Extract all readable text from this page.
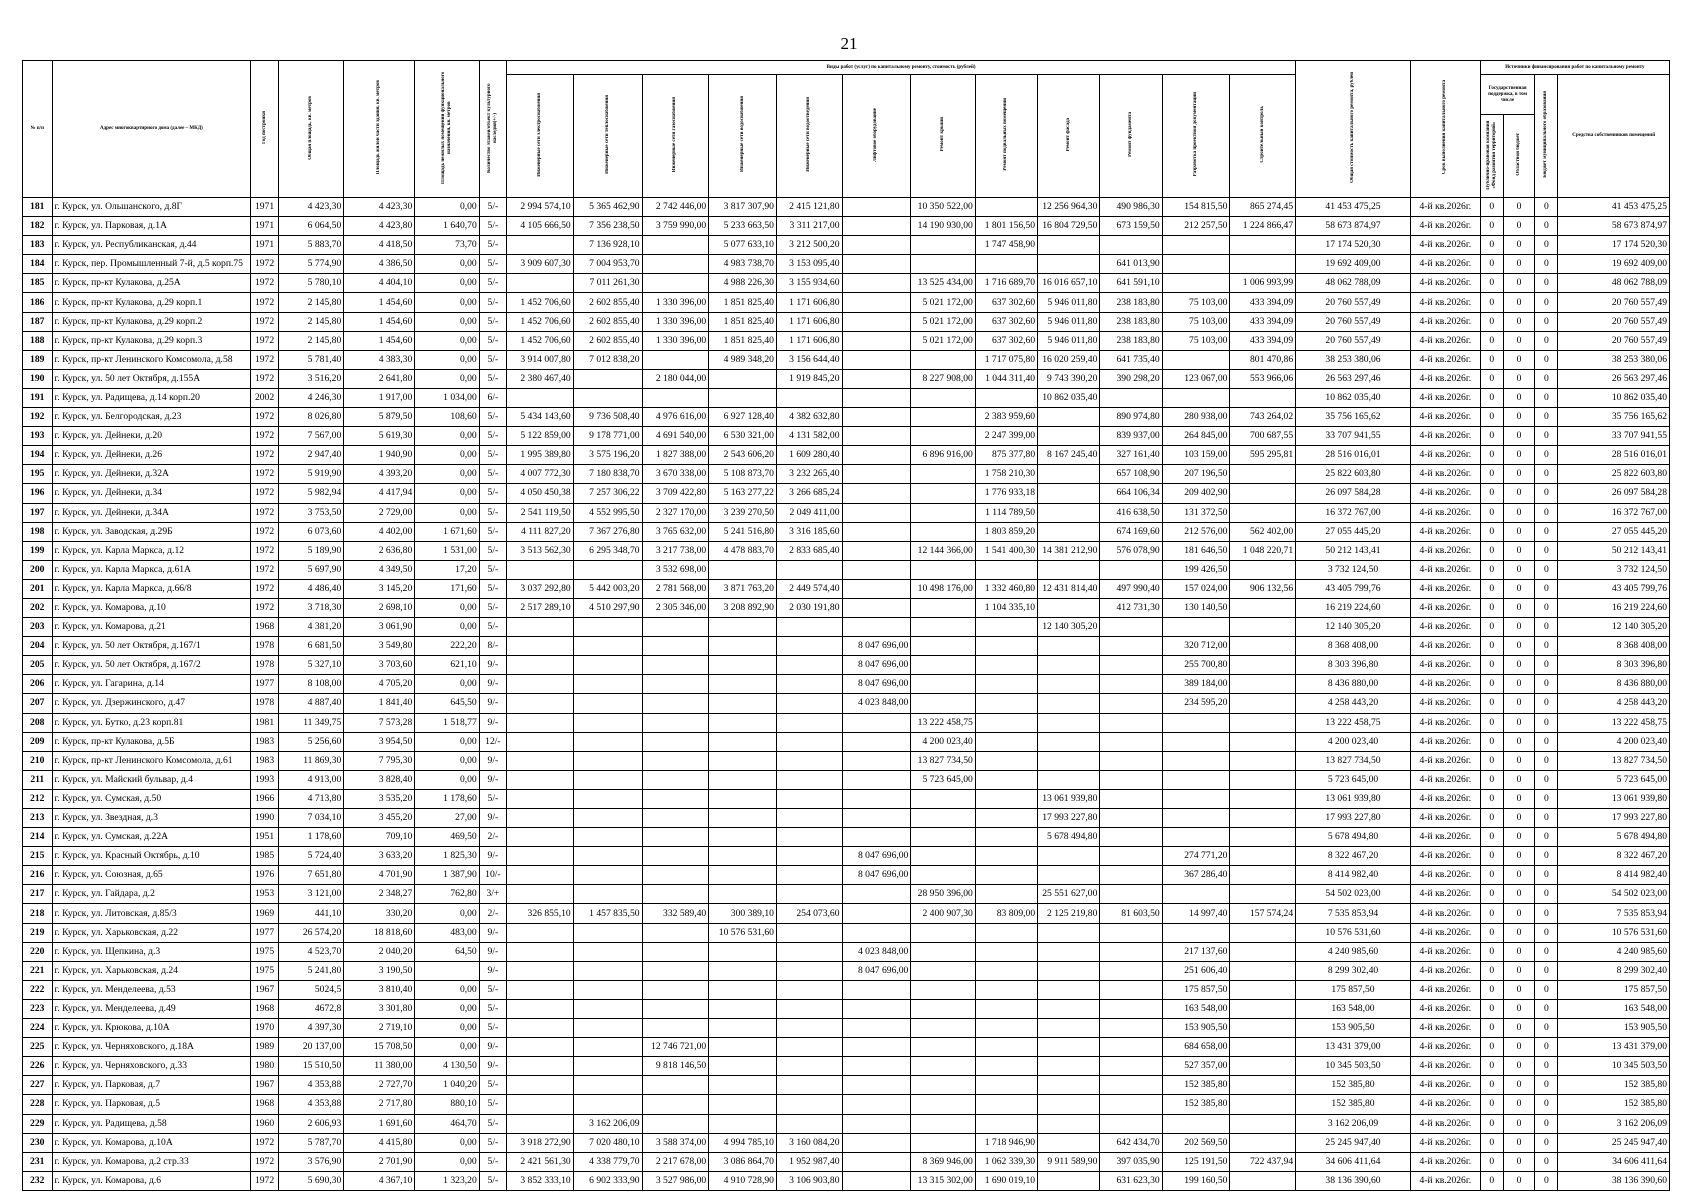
21
№ п/п	Адрес многоквартирного дома (далее – МКД)	Год постройки	Общая площадь, кв. метров	Площадь жилой части здания, кв. метров	Площадь нежилых помещений функционального назначения, кв. метров	Количество этажей/объект культурного наследия(+/-)	Виды работ (услуг) по капитальному ремонту, стоимость (рублей)												Общая стоимость капитального ремонта, рублей	Срок выполнения капитального ремонта	Источники финансирования работ по капитальному ремонту			
							Инженерные сети электроснабжения	Инженерные сети теплоснабжения	Инженерные сети газоснабжения	Инженерные сети водоснабжения	Инженерные сети водоотведения	Лифтовое оборудование	Ремонт крыши	Ремонт подвальных помещений	Ремонт фасада	Ремонт фундамента	Разработка проектной документации	Строительный контроль			Государственная поддержка, в том числе		Бюджет муниципального образования	Средства собственников помещений
																					Публично-правовая компания «Фонд развития территорий»	Областной бюджет		
181	г. Курск, ул. Ольшанского, д.8Г	1971	4 423,30	4 423,30	0,00	5/-	2 994 574,10	5 365 462,90	2 742 446,00	3 817 307,90	2 415 121,80		10 350 522,00		12 256 964,30	490 986,30	154 815,50	865 274,45	41 453 475,25	4-й кв.2026г.	0	0	0	41 453 475,25
182	г. Курск, ул. Парковая, д.1А	1971	6 064,50	4 423,80	1 640,70	5/-	4 105 666,50	7 356 238,50	3 759 990,00	5 233 663,50	3 311 217,00		14 190 930,00	1 801 156,50	16 804 729,50	673 159,50	212 257,50	1 224 866,47	58 673 874,97	4-й кв.2026г.	0	0	0	58 673 874,97
183	г. Курск, ул. Республиканская, д.44	1971	5 883,70	4 418,50	73,70	5/-		7 136 928,10		5 077 633,10	3 212 500,20			1 747 458,90					17 174 520,30	4-й кв.2026г.	0	0	0	17 174 520,30
184	г. Курск, пер. Промышленный 7-й, д.5 корп.75	1972	5 774,90	4 386,50	0,00	5/-	3 909 607,30	7 004 953,70		4 983 738,70	3 153 095,40					641 013,90			19 692 409,00	4-й кв.2026г.	0	0	0	19 692 409,00
185	г. Курск, пр-кт Кулакова, д.25А	1972	5 780,10	4 404,10	0,00	5/-		7 011 261,30		4 988 226,30	3 155 934,60		13 525 434,00	1 716 689,70	16 016 657,10	641 591,10		1 006 993,99	48 062 788,09	4-й кв.2026г.	0	0	0	48 062 788,09
186	г. Курск, пр-кт Кулакова, д.29 корп.1	1972	2 145,80	1 454,60	0,00	5/-	1 452 706,60	2 602 855,40	1 330 396,00	1 851 825,40	1 171 606,80		5 021 172,00	637 302,60	5 946 011,80	238 183,80	75 103,00	433 394,09	20 760 557,49	4-й кв.2026г.	0	0	0	20 760 557,49
187	г. Курск, пр-кт Кулакова, д.29 корп.2	1972	2 145,80	1 454,60	0,00	5/-	1 452 706,60	2 602 855,40	1 330 396,00	1 851 825,40	1 171 606,80		5 021 172,00	637 302,60	5 946 011,80	238 183,80	75 103,00	433 394,09	20 760 557,49	4-й кв.2026г.	0	0	0	20 760 557,49
188	г. Курск, пр-кт Кулакова, д.29 корп.3	1972	2 145,80	1 454,60	0,00	5/-	1 452 706,60	2 602 855,40	1 330 396,00	1 851 825,40	1 171 606,80		5 021 172,00	637 302,60	5 946 011,80	238 183,80	75 103,00	433 394,09	20 760 557,49	4-й кв.2026г.	0	0	0	20 760 557,49
189	г. Курск, пр-кт Ленинского Комсомола, д.58	1972	5 781,40	4 383,30	0,00	5/-	3 914 007,80	7 012 838,20		4 989 348,20	3 156 644,40			1 717 075,80	16 020 259,40	641 735,40		801 470,86	38 253 380,06	4-й кв.2026г.	0	0	0	38 253 380,06
190	г. Курск, ул. 50 лет Октября, д.155А	1972	3 516,20	2 641,80	0,00	5/-	2 380 467,40		2 180 044,00		1 919 845,20		8 227 908,00	1 044 311,40	9 743 390,20	390 298,20	123 067,00	553 966,06	26 563 297,46	4-й кв.2026г.	0	0	0	26 563 297,46
191	г. Курск, ул. Радищева, д.14 корп.20	2002	4 246,30	1 917,00	1 034,00	6/-									10 862 035,40				10 862 035,40	4-й кв.2026г.	0	0	0	10 862 035,40
192	г. Курск, ул. Белгородская, д.23	1972	8 026,80	5 879,50	108,60	5/-	5 434 143,60	9 736 508,40	4 976 616,00	6 927 128,40	4 382 632,80			2 383 959,60		890 974,80	280 938,00	743 264,02	35 756 165,62	4-й кв.2026г.	0	0	0	35 756 165,62
193	г. Курск, ул. Дейнеки, д.20	1972	7 567,00	5 619,30	0,00	5/-	5 122 859,00	9 178 771,00	4 691 540,00	6 530 321,00	4 131 582,00			2 247 399,00		839 937,00	264 845,00	700 687,55	33 707 941,55	4-й кв.2026г.	0	0	0	33 707 941,55
194	г. Курск, ул. Дейнеки, д.26	1972	2 947,40	1 940,90	0,00	5/-	1 995 389,80	3 575 196,20	1 827 388,00	2 543 606,20	1 609 280,40		6 896 916,00	875 377,80	8 167 245,40	327 161,40	103 159,00	595 295,81	28 516 016,01	4-й кв.2026г.	0	0	0	28 516 016,01
195	г. Курск, ул. Дейнеки, д.32А	1972	5 919,90	4 393,20	0,00	5/-	4 007 772,30	7 180 838,70	3 670 338,00	5 108 873,70	3 232 265,40			1 758 210,30		657 108,90	207 196,50		25 822 603,80	4-й кв.2026г.	0	0	0	25 822 603,80
196	г. Курск, ул. Дейнеки, д.34	1972	5 982,94	4 417,94	0,00	5/-	4 050 450,38	7 257 306,22	3 709 422,80	5 163 277,22	3 266 685,24			1 776 933,18		664 106,34	209 402,90		26 097 584,28	4-й кв.2026г.	0	0	0	26 097 584,28
197	г. Курск, ул. Дейнеки, д.34А	1972	3 753,50	2 729,00	0,00	5/-	2 541 119,50	4 552 995,50	2 327 170,00	3 239 270,50	2 049 411,00			1 114 789,50		416 638,50	131 372,50		16 372 767,00	4-й кв.2026г.	0	0	0	16 372 767,00
198	г. Курск, ул. Заводская, д.29Б	1972	6 073,60	4 402,00	1 671,60	5/-	4 111 827,20	7 367 276,80	3 765 632,00	5 241 516,80	3 316 185,60			1 803 859,20		674 169,60	212 576,00	562 402,00	27 055 445,20	4-й кв.2026г.	0	0	0	27 055 445,20
199	г. Курск, ул. Карла Маркса, д.12	1972	5 189,90	2 636,80	1 531,00	5/-	3 513 562,30	6 295 348,70	3 217 738,00	4 478 883,70	2 833 685,40		12 144 366,00	1 541 400,30	14 381 212,90	576 078,90	181 646,50	1 048 220,71	50 212 143,41	4-й кв.2026г.	0	0	0	50 212 143,41
200	г. Курск, ул. Карла Маркса, д.61А	1972	5 697,90	4 349,50	17,20	5/-			3 532 698,00								199 426,50		3 732 124,50	4-й кв.2026г.	0	0	0	3 732 124,50
201	г. Курск, ул. Карла Маркса, д.66/8	1972	4 486,40	3 145,20	171,60	5/-	3 037 292,80	5 442 003,20	2 781 568,00	3 871 763,20	2 449 574,40		10 498 176,00	1 332 460,80	12 431 814,40	497 990,40	157 024,00	906 132,56	43 405 799,76	4-й кв.2026г.	0	0	0	43 405 799,76
202	г. Курск, ул. Комарова, д.10	1972	3 718,30	2 698,10	0,00	5/-	2 517 289,10	4 510 297,90	2 305 346,00	3 208 892,90	2 030 191,80			1 104 335,10		412 731,30	130 140,50		16 219 224,60	4-й кв.2026г.	0	0	0	16 219 224,60
203	г. Курск, ул. Комарова, д.21	1968	4 381,20	3 061,90	0,00	5/-									12 140 305,20				12 140 305,20	4-й кв.2026г.	0	0	0	12 140 305,20
204	г. Курск, ул. 50 лет Октября, д.167/1	1978	6 681,50	3 549,80	222,20	8/-						8 047 696,00					320 712,00		8 368 408,00	4-й кв.2026г.	0	0	0	8 368 408,00
205	г. Курск, ул. 50 лет Октября, д.167/2	1978	5 327,10	3 703,60	621,10	9/-						8 047 696,00					255 700,80		8 303 396,80	4-й кв.2026г.	0	0	0	8 303 396,80
206	г. Курск, ул. Гагарина, д.14	1977	8 108,00	4 705,20	0,00	9/-						8 047 696,00					389 184,00		8 436 880,00	4-й кв.2026г.	0	0	0	8 436 880,00
207	г. Курск, ул. Дзержинского, д.47	1978	4 887,40	1 841,40	645,50	9/-						4 023 848,00					234 595,20		4 258 443,20	4-й кв.2026г.	0	0	0	4 258 443,20
208	г. Курск, ул. Бутко, д.23 корп.81	1981	11 349,75	7 573,28	1 518,77	9/-							13 222 458,75						13 222 458,75	4-й кв.2026г.	0	0	0	13 222 458,75
209	г. Курск, пр-кт Кулакова, д.5Б	1983	5 256,60	3 954,50	0,00	12/-							4 200 023,40						4 200 023,40	4-й кв.2026г.	0	0	0	4 200 023,40
210	г. Курск, пр-кт Ленинского Комсомола, д.61	1983	11 869,30	7 795,30	0,00	9/-							13 827 734,50						13 827 734,50	4-й кв.2026г.	0	0	0	13 827 734,50
211	г. Курск, ул. Майский бульвар, д.4	1993	4 913,00	3 828,40	0,00	9/-							5 723 645,00						5 723 645,00	4-й кв.2026г.	0	0	0	5 723 645,00
212	г. Курск, ул. Сумская, д.50	1966	4 713,80	3 535,20	1 178,60	5/-									13 061 939,80				13 061 939,80	4-й кв.2026г.	0	0	0	13 061 939,80
213	г. Курск, ул. Звездная, д.3	1990	7 034,10	3 455,20	27,00	9/-									17 993 227,80				17 993 227,80	4-й кв.2026г.	0	0	0	17 993 227,80
214	г. Курск, ул. Сумская, д.22А	1951	1 178,60	709,10	469,50	2/-									5 678 494,80				5 678 494,80	4-й кв.2026г.	0	0	0	5 678 494,80
215	г. Курск, ул. Красный Октябрь, д.10	1985	5 724,40	3 633,20	1 825,30	9/-						8 047 696,00					274 771,20		8 322 467,20	4-й кв.2026г.	0	0	0	8 322 467,20
216	г. Курск, ул. Союзная, д.65	1976	7 651,80	4 701,90	1 387,90	10/-						8 047 696,00					367 286,40		8 414 982,40	4-й кв.2026г.	0	0	0	8 414 982,40
217	г. Курск, ул. Гайдара, д.2	1953	3 121,00	2 348,27	762,80	3/+							28 950 396,00		25 551 627,00				54 502 023,00	4-й кв.2026г.	0	0	0	54 502 023,00
218	г. Курск, ул. Литовская, д.85/3	1969	441,10	330,20	0,00	2/-	326 855,10	1 457 835,50	332 589,40	300 389,10	254 073,60		2 400 907,30	83 809,00	2 125 219,80	81 603,50	14 997,40	157 574,24	7 535 853,94	4-й кв.2026г.	0	0	0	7 535 853,94
219	г. Курск, ул. Харьковская, д.22	1977	26 574,20	18 818,60	483,00	9/-				10 576 531,60									10 576 531,60	4-й кв.2026г.	0	0	0	10 576 531,60
220	г. Курск, ул. Щепкина, д.3	1975	4 523,70	2 040,20	64,50	9/-						4 023 848,00					217 137,60		4 240 985,60	4-й кв.2026г.	0	0	0	4 240 985,60
221	г. Курск, ул. Харьковская, д.24	1975	5 241,80	3 190,50		9/-						8 047 696,00					251 606,40		8 299 302,40	4-й кв.2026г.	0	0	0	8 299 302,40
222	г. Курск, ул. Менделеева, д.53	1967	5024,5	3 810,40	0,00	5/-											175 857,50		175 857,50	4-й кв.2026г.	0	0	0	175 857,50
223	г. Курск, ул. Менделеева, д.49	1968	4672,8	3 301,80	0,00	5/-											163 548,00		163 548,00	4-й кв.2026г.	0	0	0	163 548,00
224	г. Курск, ул. Крюкова, д.10А	1970	4 397,30	2 719,10	0,00	5/-											153 905,50		153 905,50	4-й кв.2026г.	0	0	0	153 905,50
225	г. Курск, ул. Черняховского, д.18А	1989	20 137,00	15 708,50	0,00	9/-			12 746 721,00								684 658,00		13 431 379,00	4-й кв.2026г.	0	0	0	13 431 379,00
226	г. Курск, ул. Черняховского, д.33	1980	15 510,50	11 380,00	4 130,50	9/-			9 818 146,50								527 357,00		10 345 503,50	4-й кв.2026г.	0	0	0	10 345 503,50
227	г. Курск, ул. Парковая, д.7	1967	4 353,88	2 727,70	1 040,20	5/-											152 385,80		152 385,80	4-й кв.2026г.	0	0	0	152 385,80
228	г. Курск, ул. Парковая, д.5	1968	4 353,88	2 717,80	880,10	5/-											152 385,80		152 385,80	4-й кв.2026г.	0	0	0	152 385,80
229	г. Курск, ул. Радищева, д.58	1960	2 606,93	1 691,60	464,70	5/-		3 162 206,09											3 162 206,09	4-й кв.2026г.	0	0	0	3 162 206,09
230	г. Курск, ул. Комарова, д.10А	1972	5 787,70	4 415,80	0,00	5/-	3 918 272,90	7 020 480,10	3 588 374,00	4 994 785,10	3 160 084,20			1 718 946,90		642 434,70	202 569,50		25 245 947,40	4-й кв.2026г.	0	0	0	25 245 947,40
231	г. Курск, ул. Комарова, д.2 стр.33	1972	3 576,90	2 701,90	0,00	5/-	2 421 561,30	4 338 779,70	2 217 678,00	3 086 864,70	1 952 987,40		8 369 946,00	1 062 339,30	9 911 589,90	397 035,90	125 191,50	722 437,94	34 606 411,64	4-й кв.2026г.	0	0	0	34 606 411,64
232	г. Курск, ул. Комарова, д.6	1972	5 690,30	4 367,10	1 323,20	5/-	3 852 333,10	6 902 333,90	3 527 986,00	4 910 728,90	3 106 903,80		13 315 302,00	1 690 019,10		631 623,30	199 160,50		38 136 390,60	4-й кв.2026г.	0	0	0	38 136 390,60
